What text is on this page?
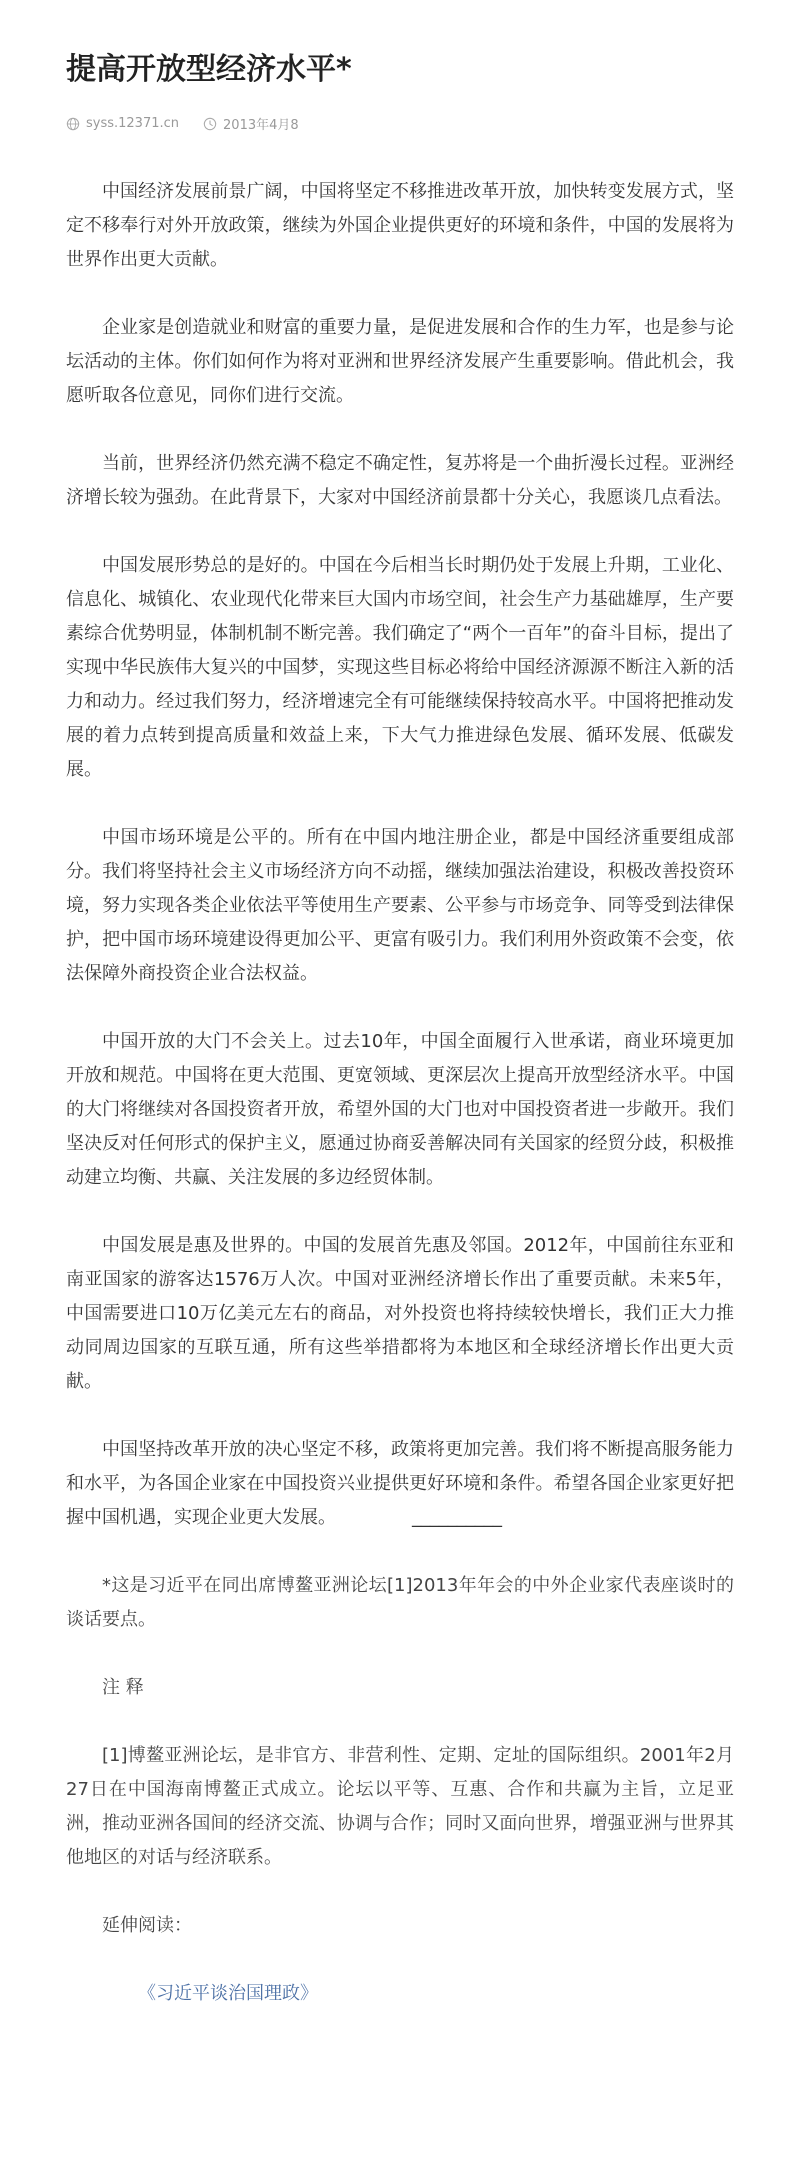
提高开放型经济水平*
syss.12371.cn	2013年4月8

中国经济发展前景广阔，中国将坚定不移推进改革开放，加快转变发展方式，坚定不移奉行对外开放政策，继续为外国企业提供更好的环境和条件，中国的发展将为世界作出更大贡献。

企业家是创造就业和财富的重要力量，是促进发展和合作的生力军，也是参与论坛活动的主体。你们如何作为将对亚洲和世界经济发展产生重要影响。借此机会，我愿听取各位意见，同你们进行交流。

当前，世界经济仍然充满不稳定不确定性，复苏将是一个曲折漫长过程。亚洲经济增长较为强劲。在此背景下，大家对中国经济前景都十分关心，我愿谈几点看法。

中国发展形势总的是好的。中国在今后相当长时期仍处于发展上升期，工业化、信息化、城镇化、农业现代化带来巨大国内市场空间，社会生产力基础雄厚，生产要素综合优势明显，体制机制不断完善。我们确定了“两个一百年”的奋斗目标，提出了实现中华民族伟大复兴的中国梦，实现这些目标必将给中国经济源源不断注入新的活力和动力。经过我们努力，经济增速完全有可能继续保持较高水平。中国将把推动发展的着力点转到提高质量和效益上来，下大气力推进绿色发展、循环发展、低碳发展。

中国市场环境是公平的。所有在中国内地注册企业，都是中国经济重要组成部分。我们将坚持社会主义市场经济方向不动摇，继续加强法治建设，积极改善投资环境，努力实现各类企业依法平等使用生产要素、公平参与市场竞争、同等受到法律保护，把中国市场环境建设得更加公平、更富有吸引力。我们利用外资政策不会变，依法保障外商投资企业合法权益。

中国开放的大门不会关上。过去10年，中国全面履行入世承诺，商业环境更加开放和规范。中国将在更大范围、更宽领域、更深层次上提高开放型经济水平。中国的大门将继续对各国投资者开放，希望外国的大门也对中国投资者进一步敞开。我们坚决反对任何形式的保护主义，愿通过协商妥善解决同有关国家的经贸分歧，积极推动建立均衡、共赢、关注发展的多边经贸体制。

中国发展是惠及世界的。中国的发展首先惠及邻国。2012年，中国前往东亚和南亚国家的游客达1576万人次。中国对亚洲经济增长作出了重要贡献。未来5年，中国需要进口10万亿美元左右的商品，对外投资也将持续较快增长，我们正大力推动同周边国家的互联互通，所有这些举措都将为本地区和全球经济增长作出更大贡献。

中国坚持改革开放的决心坚定不移，政策将更加完善。我们将不断提高服务能力和水平，为各国企业家在中国投资兴业提供更好环境和条件。希望各国企业家更好把握中国机遇，实现企业更大发展。	__________

*这是习近平在同出席博鳌亚洲论坛[1]2013年年会的中外企业家代表座谈时的谈话要点。

注 释

[1]博鳌亚洲论坛，是非官方、非营利性、定期、定址的国际组织。2001年2月27日在中国海南博鳌正式成立。论坛以平等、互惠、合作和共赢为主旨，立足亚洲，推动亚洲各国间的经济交流、协调与合作；同时又面向世界，增强亚洲与世界其他地区的对话与经济联系。

延伸阅读：

《习近平谈治国理政》
